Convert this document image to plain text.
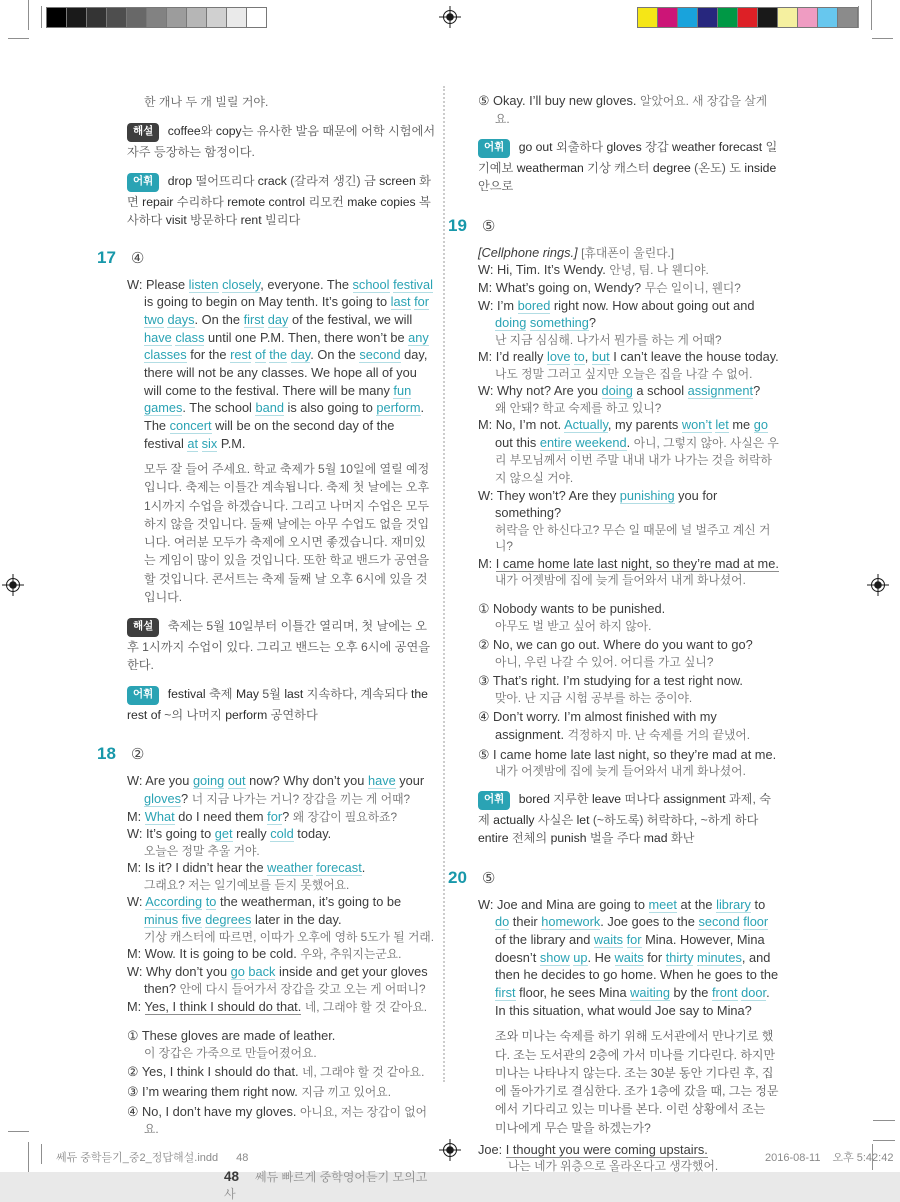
한 개나 두 개 빌릴 거야.
해설 coffee와 copy는 유사한 발음 때문에 어학 시험에서 자주 등장하는 함정이다.
어휘 drop 떨어뜨리다 crack (갈라져 생긴) 금 screen 화면 repair 수리하다 remote control 리모컨 make copies 복사하다 visit 방문하다 rent 빌리다
17 ④
W: Please listen closely, everyone. The school festival is going to begin on May tenth. It’s going to last for two days. On the first day of the festival, we will have class until one P.M. Then, there won’t be any classes for the rest of the day. On the second day, there will not be any classes. We hope all of you will come to the festival. There will be many fun games. The school band is also going to perform. The concert will be on the second day of the festival at six P.M.
모두 잘 들어 주세요. 학교 축제가 5월 10일에 열릴 예정입니다. 축제는 이틀간 계속됩니다. 축제 첫 날에는 오후 1시까지 수업을 하겠습니다. 그리고 나머지 수업은 모두 하지 않을 것입니다. 둘째 날에는 아무 수업도 없을 것입니다. 여러분 모두가 축제에 오시면 좋겠습니다. 재미있는 게임이 많이 있을 것입니다. 또한 학교 밴드가 공연을 할 것입니다. 콘서트는 축제 둘째 날 오후 6시에 있을 것입니다.
해설 축제는 5월 10일부터 이틀간 열리며, 첫 날에는 오후 1시까지 수업이 있다. 그리고 밴드는 오후 6시에 공연을 한다.
어휘 festival 축제 May 5월 last 지속하다, 계속되다 the rest of ~의 나머지 perform 공연하다
18 ②
W: Are you going out now? Why don’t you have your gloves? 너 지금 나가는 거니? 장갑을 끼는 게 어때?
M: What do I need them for? 왜 장갑이 필요하죠?
W: It’s going to get really cold today.
오늘은 정말 추울 거야.
M: Is it? I didn’t hear the weather forecast.
그래요? 저는 일기예보를 듣지 못했어요.
W: According to the weatherman, it’s going to be minus five degrees later in the day.
기상 캐스터에 따르면, 이따가 오후에 영하 5도가 될 거래.
M: Wow. It is going to be cold. 우와, 추워지는군요.
W: Why don’t you go back inside and get your gloves then? 안에 다시 들어가서 장갑을 갖고 오는 게 어떠니?
M: Yes, I think I should do that. 네, 그래야 할 것 같아요.
① These gloves are made of leather.
이 장갑은 가죽으로 만들어졌어요.
② Yes, I think I should do that. 네, 그래야 할 것 같아요.
③ I’m wearing them right now. 지금 끼고 있어요.
④ No, I don’t have my gloves. 아니요, 저는 장갑이 없어요.
48 쎄듀 빠르게 중학영어듣기 모의고사
⑤ Okay. I’ll buy new gloves. 알았어요. 새 장갑을 살게요.
어휘 go out 외출하다 gloves 장갑 weather forecast 일기예보 weatherman 기상 캐스터 degree (온도) 도 inside 안으로
19 ⑤
[Cellphone rings.] [휴대폰이 울린다.]
W: Hi, Tim. It’s Wendy. 안녕, 팀. 나 웬디야.
M: What’s going on, Wendy? 무슨 일이니, 웬디?
W: I’m bored right now. How about going out and doing something?
난 지금 심심해. 나가서 뭔가를 하는 게 어때?
M: I’d really love to, but I can’t leave the house today.
나도 정말 그러고 싶지만 오늘은 집을 나갈 수 없어.
W: Why not? Are you doing a school assignment?
왜 안돼? 학교 숙제를 하고 있니?
M: No, I’m not. Actually, my parents won’t let me go out this entire weekend. 아니, 그렇지 않아. 사실은 우리 부모님께서 이번 주말 내내 내가 나가는 것을 허락하지 않으실 거야.
W: They won’t? Are they punishing you for something?
허락을 안 하신다고? 무슨 일 때문에 널 벌주고 계신 거니?
M: I came home late last night, so they’re mad at me.
내가 어젯밤에 집에 늦게 들어와서 내게 화나셨어.
① Nobody wants to be punished.
아무도 벌 받고 싶어 하지 않아.
② No, we can go out. Where do you want to go?
아니, 우린 나갈 수 있어. 어디를 가고 싶니?
③ That’s right. I’m studying for a test right now.
맞아. 난 지금 시험 공부를 하는 중이야.
④ Don’t worry. I’m almost finished with my assignment. 걱정하지 마. 난 숙제를 거의 끝냈어.
⑤ I came home late last night, so they’re mad at me.
내가 어젯밤에 집에 늦게 들어와서 내게 화나셨어.
어휘 bored 지루한 leave 떠나다 assignment 과제, 숙제 actually 사실은 let (~하도록) 허락하다, ~하게 하다 entire 전체의 punish 벌을 주다 mad 화난
20 ⑤
W: Joe and Mina are going to meet at the library to do their homework. Joe goes to the second floor of the library and waits for Mina. However, Mina doesn’t show up. He waits for thirty minutes, and then he decides to go home. When he goes to the first floor, he sees Mina waiting by the front door. In this situation, what would Joe say to Mina?
조와 미나는 숙제를 하기 위해 도서관에서 만나기로 했다. 조는 도서관의 2층에 가서 미나를 기다린다. 하지만 미나는 나타나지 않는다. 조는 30분 동안 기다린 후, 집에 돌아가기로 결심한다. 조가 1층에 갔을 때, 그는 정문에서 기다리고 있는 미나를 본다. 이런 상황에서 조는 미나에게 무슨 말을 하겠는가?
Joe: I thought you were coming upstairs.
나는 네가 위층으로 올라온다고 생각했어.
쎄듀 중학듣기_중2_정답해설.indd 48	2016-08-11 오후 5:42:42
